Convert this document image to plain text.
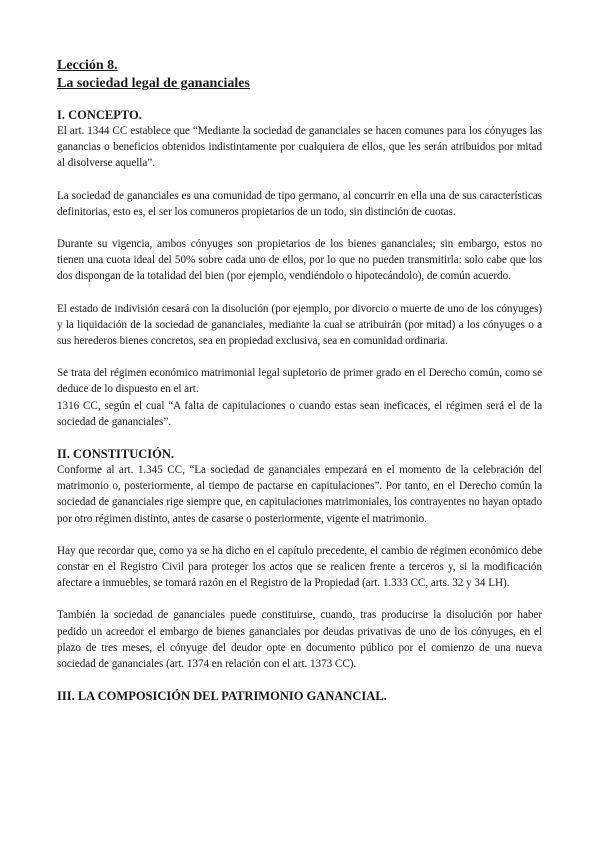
Lección 8.
La sociedad legal de gananciales
I. CONCEPTO.

El art. 1344 CC establece que “Mediante la sociedad de gananciales se hacen comunes para los cónyuges las ganancias o beneficios obtenidos indistintamente por cualquiera de ellos, que les serán atribuidos por mitad al disolverse aquella”.

La sociedad de gananciales es una comunidad de tipo germano, al concurrir en ella una de sus características definitorias, esto es, el ser los comuneros propietarios de un todo, sin distinción de cuotas.

Durante su vigencia, ambos cónyuges son propietarios de los bienes gananciales; sin embargo, estos no tienen una cuota ideal del 50% sobre cada uno de ellos, por lo que no pueden transmitirla: solo cabe que los dos dispongan de la totalidad del bien (por ejemplo, vendiéndolo o hipotecándolo), de común acuerdo.

El estado de indivisión cesará con la disolución (por ejemplo, por divorcio o muerte de uno de los cónyuges) y la liquidación de la sociedad de gananciales, mediante la cual se atribuirán (por mitad) a los cónyuges o a sus herederos bienes concretos, sea en propiedad exclusiva, sea en comunidad ordinaria.

Se trata del régimen económico matrimonial legal supletorio de primer grado en el Derecho común, como se deduce de lo dispuesto en el art.

1316 CC, según el cual “A falta de capitulaciones o cuando estas sean ineficaces, el régimen será el de la sociedad de gananciales”.

II. CONSTITUCIÓN.

Conforme al art. 1.345 CC, “La sociedad de gananciales empezará en el momento de la celebración del matrimonio o, posteriormente, al tiempo de pactarse en capitulaciones”. Por tanto, en el Derecho común la sociedad de gananciales rige siempre que, en capitulaciones matrimoniales, los contrayentes no hayan optado por otro régimen distinto, antes de casarse o posteriormente, vigente el matrimonio.

Hay que recordar que, como ya se ha dicho en el capítulo precedente, el cambio de régimen económico debe constar en el Registro Civil para proteger los actos que se realicen frente a terceros y, si la modificación afectare a inmuebles, se tomará razón en el Registro de la Propiedad (art. 1.333 CC, arts. 32 y 34 LH).

También la sociedad de gananciales puede constituirse, cuando, tras producirse la disolución por haber pedido un acreedor el embargo de bienes gananciales por deudas privativas de uno de los cónyuges, en el plazo de tres meses, el cónyuge del deudor opte en documento público por el comienzo de una nueva sociedad de gananciales (art. 1374 en relación con el art. 1373 CC).

III. LA COMPOSICIÓN DEL PATRIMONIO GANANCIAL.
